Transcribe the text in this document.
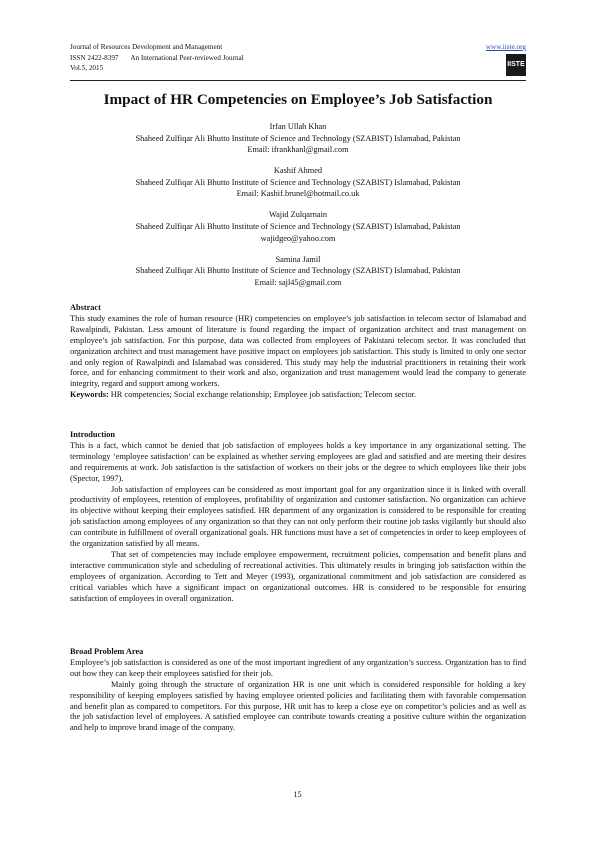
Journal of Resources Development and Management
ISSN 2422-8397 An International Peer-reviewed Journal
Vol.5, 2015
www.iiste.org
IISTE
Impact of HR Competencies on Employee’s Job Satisfaction
Irfan Ullah Khan
Shaheed Zulfiqar Ali Bhutto Institute of Science and Technology (SZABIST) Islamabad, Pakistan
Email: ifrankhanl@gmail.com
Kashif Ahmed
Shaheed Zulfiqar Ali Bhutto Institute of Science and Technology (SZABIST) Islamabad, Pakistan
Email: Kashif.brunel@hotmail.co.uk
Wajid Zulqarnain
Shaheed Zulfiqar Ali Bhutto Institute of Science and Technology (SZABIST) Islamabad, Pakistan
wajidgeo@yahoo.com
Samina Jamil
Shaheed Zulfiqar Ali Bhutto Institute of Science and Technology (SZABIST) Islamabad, Pakistan
Email: sajl45@gmail.com
Abstract

This study examines the role of human resource (HR) competencies on employee’s job satisfaction in telecom sector of Islamabad and Rawalpindi, Pakistan. Less amount of literature is found regarding the impact of organization architect and trust management on employee’s job satisfaction. For this purpose, data was collected from employees of Pakistani telecom sector. It was concluded that organization architect and trust management have positive impact on employees job satisfaction. This study is limited to only one sector and only region of Rawalpindi and Islamabad was considered. This study may help the industrial practitioners in retaining their work force, and for enhancing commitment to their work and also, organization and trust management would lead the company to generate integrity, regard and support among workers.

Keywords: HR competencies; Social exchange relationship; Employee job satisfaction; Telecom sector.

Introduction

This is a fact, which cannot be denied that job satisfaction of employees holds a key importance in any organizational setting. The terminology ‘employee satisfaction’ can be explained as whether serving employees are glad and satisfied and are meeting their desires and requirements at work. Job satisfaction is the satisfaction of workers on their jobs or the degree to which employees like their jobs (Spector, 1997).

Job satisfaction of employees can be considered as most important goal for any organization since it is linked with overall productivity of employees, retention of employees, profitability of organization and customer satisfaction. No organization can achieve its objective without keeping their employees satisfied. HR department of any organization is considered to be responsible for creating job satisfaction among employees of any organization so that they can not only perform their routine job tasks vigilantly but should also can contribute in fulfillment of overall organizational goals. HR functions must have a set of competencies in order to keep employees of the organization satisfied by all means.

That set of competencies may include employee empowerment, recruitment policies, compensation and benefit plans and interactive communication style and scheduling of recreational activities. This ultimately results in bringing job satisfaction within the employees of organization. According to Tett and Meyer (1993), organizational commitment and job satisfaction are considered as critical variables which have a significant impact on organizational outcomes. HR is considered to be responsible for ensuring satisfaction of employees in overall organization.

Broad Problem Area

Employee’s job satisfaction is considered as one of the most important ingredient of any organization’s success. Organization has to find out how they can keep their employees satisfied for their job.

Mainly going through the structure of organization HR is one unit which is considered responsible for holding a key responsibility of keeping employees satisfied by having employee oriented policies and facilitating them with favorable compensation and benefit plan as compared to competitors. For this purpose, HR unit has to keep a close eye on competitor’s policies and as well as the job satisfaction level of employees. A satisfied employee can contribute towards creating a positive culture within the organization and help to improve brand image of the company.

15
